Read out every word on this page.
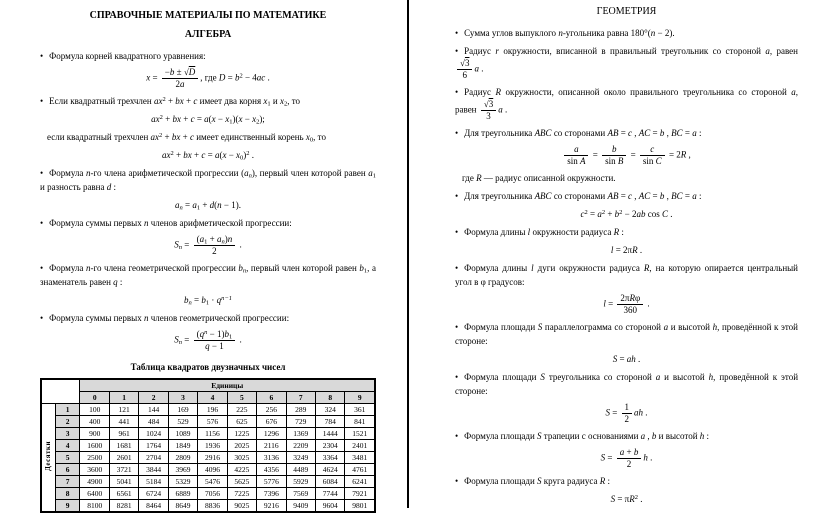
СПРАВОЧНЫЕ МАТЕРИАЛЫ ПО МАТЕМАТИКЕ
АЛГЕБРА
• Формула корней квадратного уравнения:
$x = \frac{-b \pm √D}{2a}$ , где $D = b^2 - 4ac$ .
• Если квадратный трехчлен $ax^2$ + bx + c имеет два корня x1 и x2, то
$ax^2$ + bx + c = a(x − x1)(x − x2);
если квадратный трехчлен $ax^2$ + bx + c имеет единственный корень x0, то
$ax^2$ + bx + $c = a(x - x0)^2$ .
• Формула n-го члена арифметической прогрессии (an), первый член которой равен a1 и разность равна d :
an = a1 + d(n − 1).
• Формула суммы первых n членов арифметической прогрессии:
$Sn = \frac{(a1 + an)n}{2}$ .
• Формула n-го члена геометрической прогрессии bn, первый член которой равен b1, а знаменатель равен q :
bn = $b1 \cdot q^{n-1}$
• Формула суммы первых n членов геометрической прогрессии:
$Sn = \frac{(q^n - 1)b1}{q - 1}$ .
Таблица квадратов двузначных чисел
		Единицы									
		0	1	2	3	4	5	6	7	8	9
Десятки	1	100	121	144	169	196	225	256	289	324	361
	2	400	441	484	529	576	625	676	729	784	841
	3	900	961	1024	1089	1156	1225	1296	1369	1444	1521
	4	1600	1681	1764	1849	1936	2025	2116	2209	2304	2401
	5	2500	2601	2704	2809	2916	3025	3136	3249	3364	3481
	6	3600	3721	3844	3969	4096	4225	4356	4489	4624	4761
	7	4900	5041	5184	5329	5476	5625	5776	5929	6084	6241
	8	6400	6561	6724	6889	7056	7225	7396	7569	7744	7921
	9	8100	8281	8464	8649	8836	9025	9216	9409	9604	9801
ГЕОМЕТРИЯ
• Сумма углов выпуклого n-угольника равна 180°(n − 2).
• Радиус r окружности, вписанной в правильный треугольник со стороной a, равен
$\frac{√3}{6}$ a .
• Радиус R окружности, описанной около правильного треугольника со стороной a, равен $\frac{√3}{3}$ a .
• Для треугольника ABC со сторонами AB = c , AC = b , BC = a :
$\frac{a}{\text{sin A}} = \frac{b}{\text{sin B}} = \frac{c}{\text{sin C}} = 2R$ ,
где R — радиус описанной окружности.
• Для треугольника ABC со сторонами AB = c , AC = b , BC = a :
$c^2 = a^2 + b^2 - 2ab$ cos C .
• Формула длины l окружности радиуса R :
l = 2πR .
• Формула длины l дуги окружности радиуса R, на которую опирается центральный угол в φ градусов:
$l = \frac{\text{2πRφ}}{360}$ .
• Формула площади S параллелограмма со стороной a и высотой h, проведённой к этой стороне:
S = ah .
• Формула площади S треугольника со стороной a и высотой h, проведённой к этой стороне:
$S = \frac{1}{2}$ ah .
• Формула площади S трапеции с основаниями a , b и высотой h :
$S = \frac{a + b}{2}$ h .
• Формула площади S круга радиуса R :
$S = \pi R^2$ .
